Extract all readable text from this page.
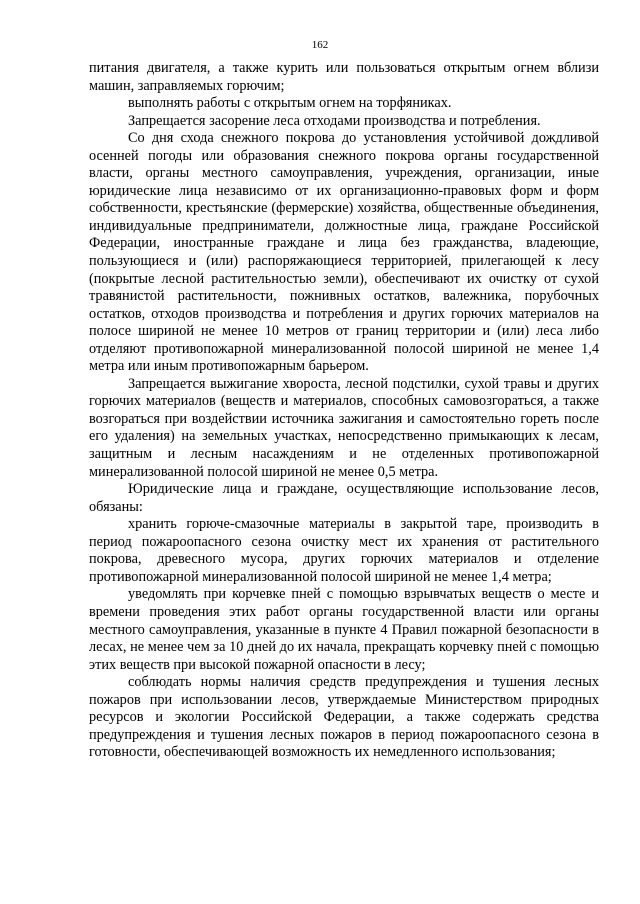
162

питания двигателя, а также курить или пользоваться открытым огнем вблизи машин, заправляемых горючим;

выполнять работы с открытым огнем на торфяниках.

Запрещается засорение леса отходами производства и потребления.

Со дня схода снежного покрова до установления устойчивой дождливой осенней погоды или образования снежного покрова органы государственной власти, органы местного самоуправления, учреждения, организации, иные юридические лица независимо от их организационно-правовых форм и форм собственности, крестьянские (фермерские) хозяйства, общественные объединения, индивидуальные предприниматели, должностные лица, граждане Российской Федерации, иностранные граждане и лица без гражданства, владеющие, пользующиеся и (или) распоряжающиеся территорией, прилегающей к лесу (покрытые лесной растительностью земли), обеспечивают их очистку от сухой травянистой растительности, пожнивных остатков, валежника, порубочных остатков, отходов производства и потребления и других горючих материалов на полосе шириной не менее 10 метров от границ территории и (или) леса либо отделяют противопожарной минерализованной полосой шириной не менее 1,4 метра или иным противопожарным барьером.

Запрещается выжигание хвороста, лесной подстилки, сухой травы и других горючих материалов (веществ и материалов, способных самовозгораться, а также возгораться при воздействии источника зажигания и самостоятельно гореть после его удаления) на земельных участках, непосредственно примыкающих к лесам, защитным и лесным насаждениям и не отделенных противопожарной минерализованной полосой шириной не менее 0,5 метра.

Юридические лица и граждане, осуществляющие использование лесов, обязаны:

хранить горюче-смазочные материалы в закрытой таре, производить в период пожароопасного сезона очистку мест их хранения от растительного покрова, древесного мусора, других горючих материалов и отделение противопожарной минерализованной полосой шириной не менее 1,4 метра;

уведомлять при корчевке пней с помощью взрывчатых веществ о месте и времени проведения этих работ органы государственной власти или органы местного самоуправления, указанные в пункте 4 Правил пожарной безопасности в лесах, не менее чем за 10 дней до их начала, прекращать корчевку пней с помощью этих веществ при высокой пожарной опасности в лесу;

соблюдать нормы наличия средств предупреждения и тушения лесных пожаров при использовании лесов, утверждаемые Министерством природных ресурсов и экологии Российской Федерации, а также содержать средства предупреждения и тушения лесных пожаров в период пожароопасного сезона в готовности, обеспечивающей возможность их немедленного использования;
